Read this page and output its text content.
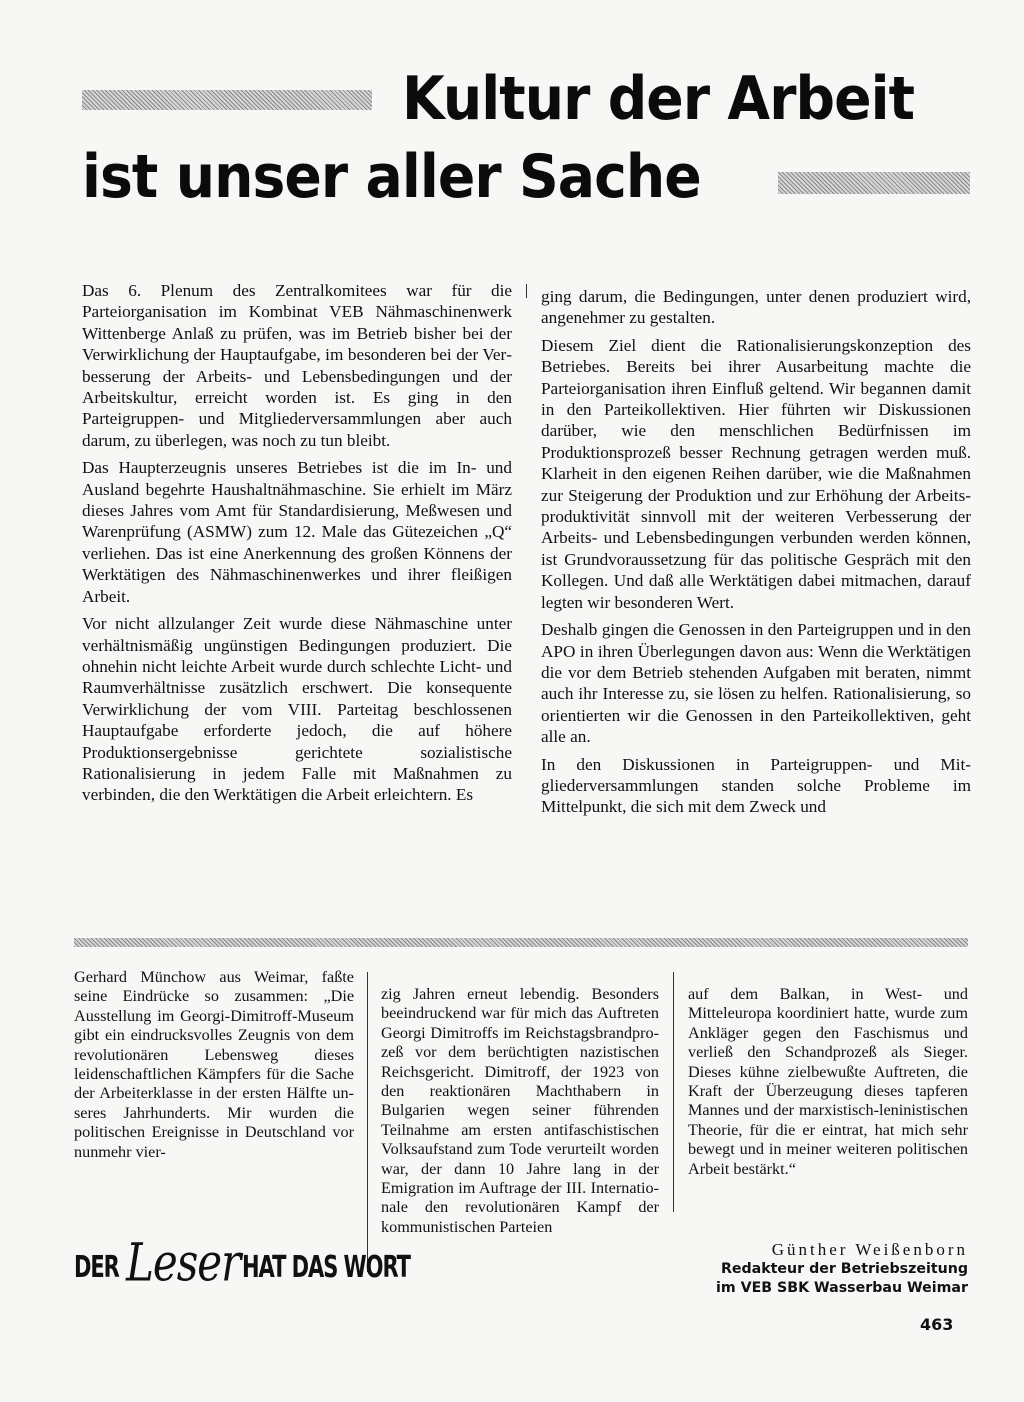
Kultur der Arbeit
ist unser aller Sache

Das 6. Plenum des Zentralkomitees war für die Parteiorganisation im Kombinat VEB Nähmaschinenwerk Wittenberge Anlaß zu prüfen, was im Betrieb bisher bei der Verwirklichung der Hauptaufgabe, im besonderen bei der Verbesserung der Arbeits- und Lebensbedingungen und der Arbeitskultur, erreicht worden ist. Es ging in den Parteigruppen- und Mitgliederversammlungen aber auch darum, zu überlegen, was noch zu tun bleibt.

Das Haupterzeugnis unseres Betriebes ist die im In- und Ausland begehrte Haushaltnähmaschine. Sie erhielt im März dieses Jahres vom Amt für Standardisierung, Meßwesen und Warenprüfung (ASMW) zum 12. Male das Gütezeichen „Q“ verliehen. Das ist eine Anerkennung des großen Könnens der Werktätigen des Nähmaschinenwerkes und ihrer fleißigen Arbeit.

Vor nicht allzulanger Zeit wurde diese Nähmaschine unter verhältnismäßig ungünstigen Bedingungen produziert. Die ohnehin nicht leichte Arbeit wurde durch schlechte Licht- und Raumverhältnisse zusätzlich erschwert. Die konsequente Verwirklichung der vom VIII. Parteitag beschlossenen Hauptaufgabe erforderte jedoch, die auf höhere Produktionsergebnisse gerichtete sozialistische Rationalisierung in jedem Falle mit Maßnahmen zu verbinden, die den Werktätigen die Arbeit erleichtern. Es

ging darum, die Bedingungen, unter denen produziert wird, angenehmer zu gestalten.

Diesem Ziel dient die Rationalisierungskonzeption des Betriebes. Bereits bei ihrer Ausarbeitung machte die Parteiorganisation ihren Einfluß geltend. Wir begannen damit in den Parteikollektiven. Hier führten wir Diskussionen darüber, wie den menschlichen Bedürfnissen im Produktionsprozeß besser Rechnung getragen werden muß. Klarheit in den eigenen Reihen darüber, wie die Maßnahmen zur Steigerung der Produktion und zur Erhöhung der Arbeitsproduktivität sinnvoll mit der weiteren Verbesserung der Arbeits- und Lebensbedingungen verbunden werden können, ist Grundvoraussetzung für das politische Gespräch mit den Kollegen. Und daß alle Werktätigen dabei mitmachen, darauf legten wir besonderen Wert.

Deshalb gingen die Genossen in den Parteigruppen und in den APO in ihren Überlegungen davon aus: Wenn die Werktätigen die vor dem Betrieb stehenden Aufgaben mit beraten, nimmt auch ihr Interesse zu, sie lösen zu helfen. Rationalisierung, so orientierten wir die Genossen in den Parteikollektiven, geht alle an.

In den Diskussionen in Parteigruppen- und Mitgliederversammlungen standen solche Probleme im Mittelpunkt, die sich mit dem Zweck und

Gerhard Münchow aus Weimar, faßte seine Eindrücke so zusammen: „Die Ausstellung im Georgi-Dimitroff-Museum gibt ein eindrucksvolles Zeugnis von dem revolutionären Lebensweg dieses leidenschaftlichen Kämpfers für die Sache der Arbeiterklasse in der ersten Hälfte unseres Jahrhunderts. Mir wurden die politischen Ereignisse in Deutschland vor nunmehr vier-

zig Jahren erneut lebendig. Besonders beeindruckend war für mich das Auftreten Georgi Dimitroffs im Reichstagsbrandprozeß vor dem berüchtigten nazistischen Reichsgericht. Dimitroff, der 1923 von den reaktionären Machthabern in Bulgarien wegen seiner führenden Teilnahme am ersten antifaschistischen Volksaufstand zum Tode verurteilt worden war, der dann 10 Jahre lang in der Emigration im Auftrage der III. Internationale den revolutionären Kampf der kommunistischen Parteien

auf dem Balkan, in West- und Mitteleuropa koordiniert hatte, wurde zum Ankläger gegen den Faschismus und verließ den Schandprozeß als Sieger. Dieses kühne zielbewußte Auftreten, die Kraft der Überzeugung dieses tapferen Mannes und der marxistisch-leninistischen Theorie, für die er eintrat, hat mich sehr bewegt und in meiner weiteren politischen Arbeit bestärkt.“

DER Leser HAT DAS WORT
Günther Weißenborn
Redakteur der Betriebszeitung
im VEB SBK Wasserbau Weimar
463
